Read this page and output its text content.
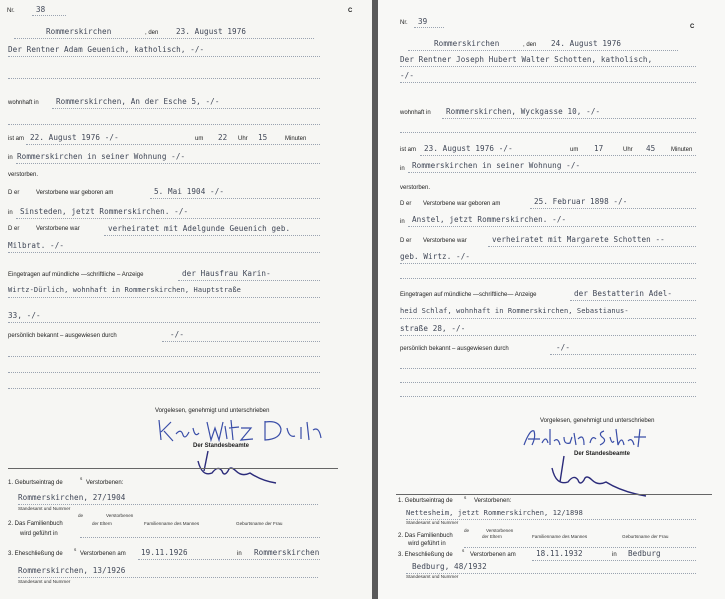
Nr.	38	C
Rommerskirchen	, den 23. August 1976
Der Rentner Adam Geuenich, katholisch, -/-
wohnhaft in Rommerskirchen, An der Esche 5, -/-
ist am 22. August 1976 -/-	um 22 Uhr 15	Minuten
in Rommerskirchen in seiner Wohnung -/-
verstorben.
D er	Verstorbene war geboren am	5. Mai 1904 -/-
in Sinsteden, jetzt Rommerskirchen. -/-
D er	Verstorbene war	verheiratet mit Adelgunde Geuenich geb.
Milbrat. -/-
Eingetragen auf mündliche —schriftliche – Anzeige	der Hausfrau Karin-
Wirtz-Dürlich, wohnhaft in Rommerskirchen, Hauptstraße
33, -/-
persönlich bekannt – ausgewiesen durch	-/-
Vorgelesen, genehmigt und unterschrieben
Der Standesbeamte
1. Geburtseintrag de
s
Verstorbenen:
Rommerskirchen, 27/1904
Standesamt und Nummer
2. Das Familienbuch
de	Verstorbenen
der Eltern	Familienname des Mannes	Geburtsname der Frau
wird geführt in
3. Eheschließung de
s
Verstorbenen am 19.11.1926	in Rommerskirchen
Rommerskirchen, 13/1926
Standesamt und Nummer
Nr. 39
C
Rommerskirchen	, den 24. August 1976
Der Rentner Joseph Hubert Walter Schotten, katholisch,
-/-
wohnhaft in Rommerskirchen, Wyckgasse 10, -/-
ist am 23. August 1976 -/-	um 17	Uhr 45	Minuten
in Rommerskirchen in seiner Wohnung -/-
verstorben.
D er Verstorbene war geboren am	25. Februar 1898 -/-
in Anstel, jetzt Rommerskirchen. -/-
D er Verstorbene war	verheiratet mit Margarete Schotten --
geb. Wirtz. -/-
Eingetragen auf mündliche —schriftliche— Anzeige	der Bestatterin Adel-
heid Schlaf, wohnhaft in Rommerskirchen, Sebastianus-
straße 28, -/-
persönlich bekannt – ausgewiesen durch	-/-
Vorgelesen, genehmigt und unterschrieben
Der Standesbeamte
1. Geburtseintrag de
s
Verstorbenen:
Nettesheim, jetzt Rommerskirchen, 12/1898
Standesamt und Nummer
2. Das Familienbuch
de	Verstorbenen
der Eltern	Familienname des Mannes	Geburtsname der Frau
wird geführt in
3. Eheschließung de
s
Verstorbenen am	18.11.1932	in Bedburg
Bedburg, 48/1932
Standesamt und Nummer
